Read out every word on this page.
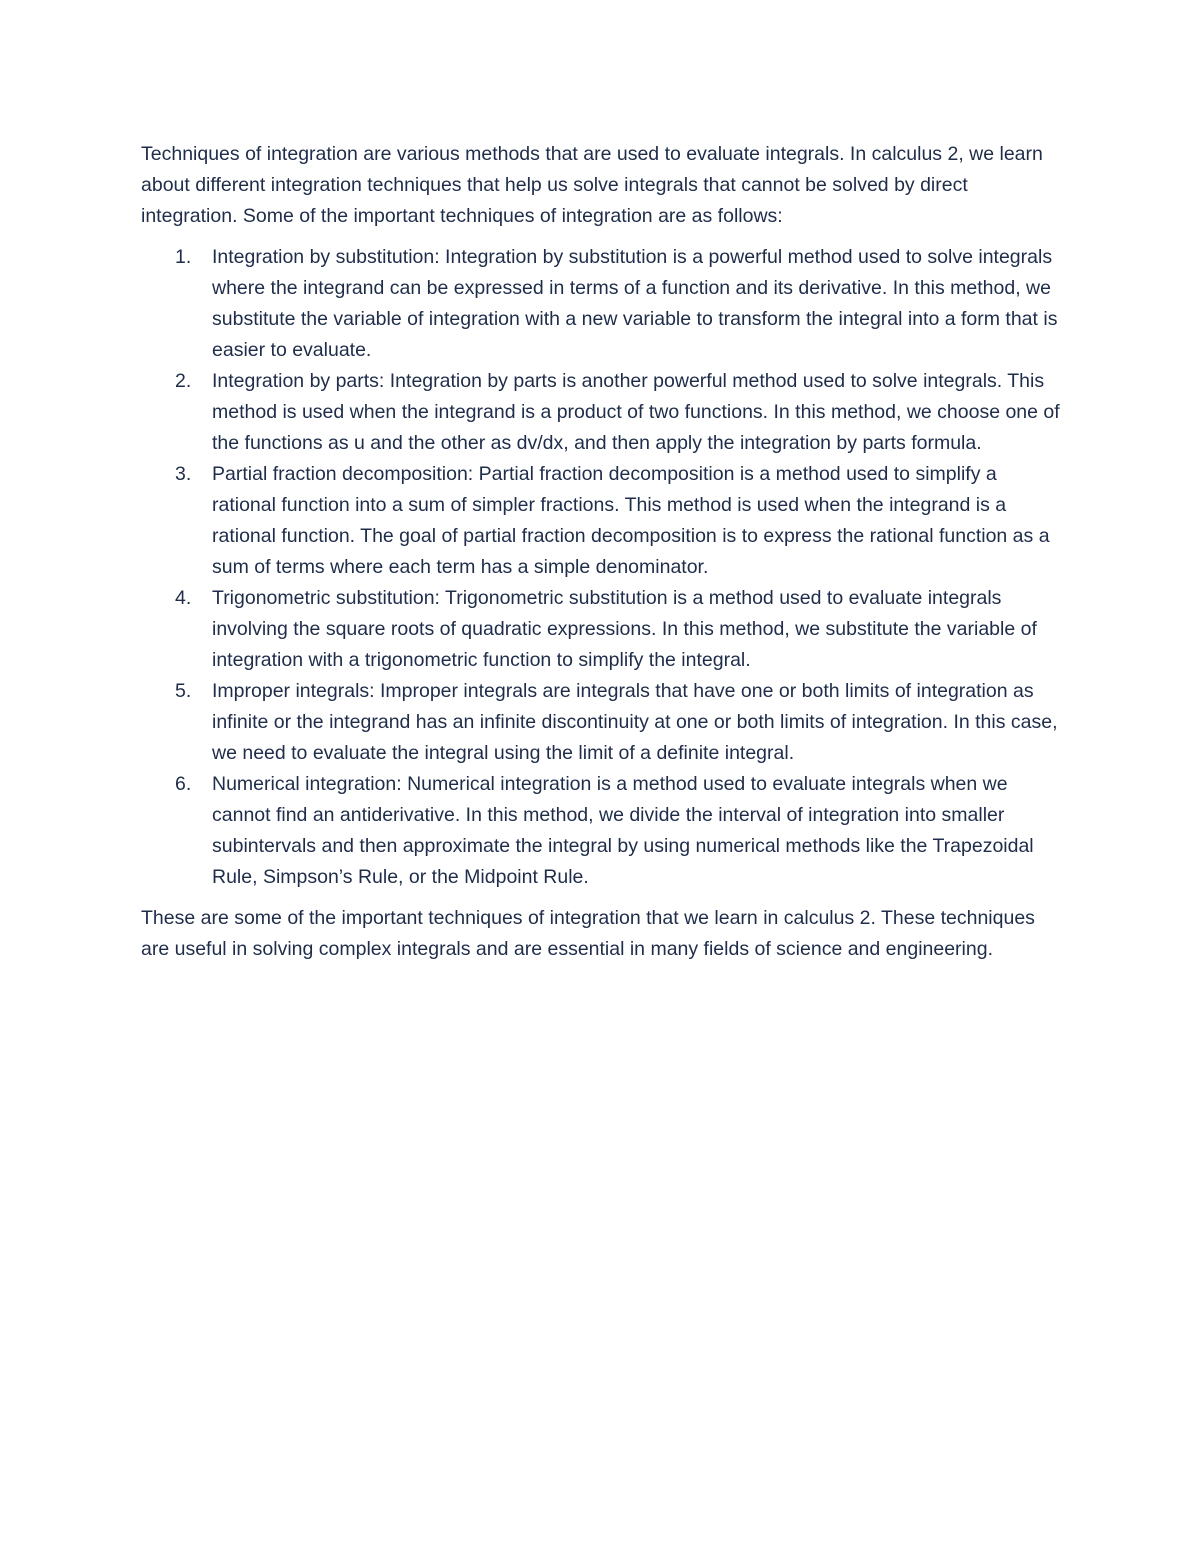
Techniques of integration are various methods that are used to evaluate integrals. In calculus 2, we learn about different integration techniques that help us solve integrals that cannot be solved by direct integration. Some of the important techniques of integration are as follows:

1. Integration by substitution: Integration by substitution is a powerful method used to solve integrals where the integrand can be expressed in terms of a function and its derivative. In this method, we substitute the variable of integration with a new variable to transform the integral into a form that is easier to evaluate.
2. Integration by parts: Integration by parts is another powerful method used to solve integrals. This method is used when the integrand is a product of two functions. In this method, we choose one of the functions as u and the other as dv/dx, and then apply the integration by parts formula.
3. Partial fraction decomposition: Partial fraction decomposition is a method used to simplify a rational function into a sum of simpler fractions. This method is used when the integrand is a rational function. The goal of partial fraction decomposition is to express the rational function as a sum of terms where each term has a simple denominator.
4. Trigonometric substitution: Trigonometric substitution is a method used to evaluate integrals involving the square roots of quadratic expressions. In this method, we substitute the variable of integration with a trigonometric function to simplify the integral.
5. Improper integrals: Improper integrals are integrals that have one or both limits of integration as infinite or the integrand has an infinite discontinuity at one or both limits of integration. In this case, we need to evaluate the integral using the limit of a definite integral.
6. Numerical integration: Numerical integration is a method used to evaluate integrals when we cannot find an antiderivative. In this method, we divide the interval of integration into smaller subintervals and then approximate the integral by using numerical methods like the Trapezoidal Rule, Simpson’s Rule, or the Midpoint Rule.

These are some of the important techniques of integration that we learn in calculus 2. These techniques are useful in solving complex integrals and are essential in many fields of science and engineering.
